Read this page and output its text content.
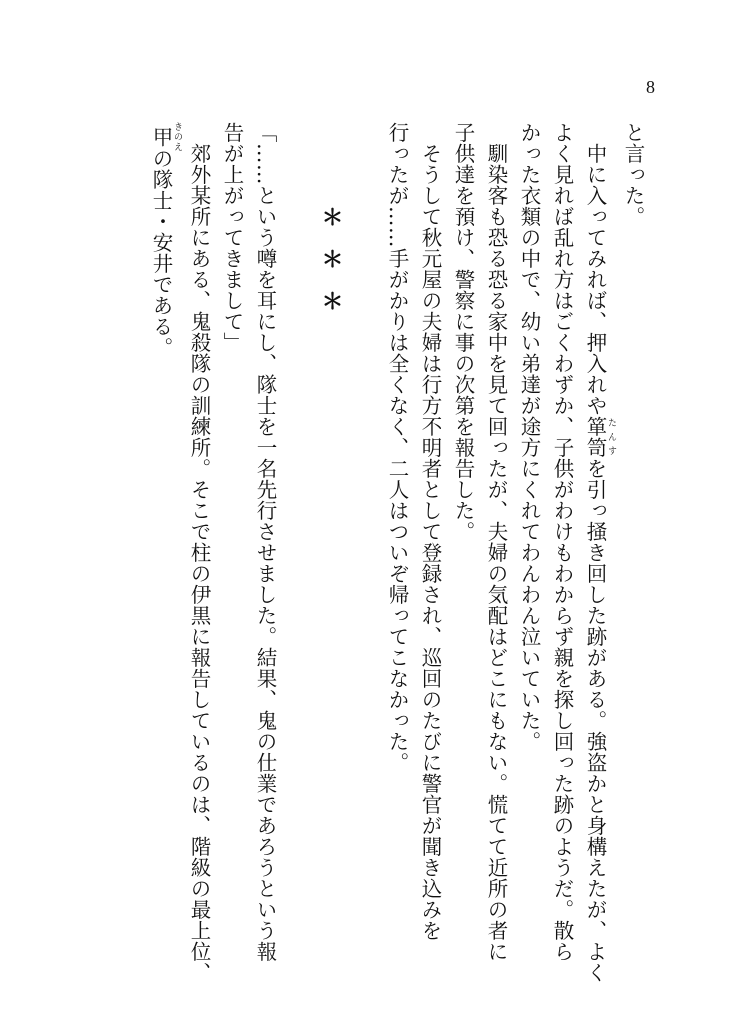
8
と言った。
　中に入ってみれば、押入れや箪笥 たんすを引っ掻き回した跡がある。強盗かと身構えたが、よく
よく見れば乱れ方はごくわずか、子供がわけもわからず親を探し回った跡のようだ。散ら
かった衣類の中で、幼い弟達が途方にくれてわんわん泣いていた。
　馴染客も恐る恐る家中を見て回ったが、夫婦の気配はどこにもない。慌てて近所の者に
子供達を預け、警察に事の次第を報告した。
　そうして秋元屋の夫婦は行方不明者として登録され、巡回のたびに警官が聞き込みを
行ったが……手がかりは全くなく、二人はついぞ帰ってこなかった。
＊＊＊
「……という噂を耳にし、隊士を一名先行させました。結果、鬼の仕業であろうという報
告が上がってきまして」
　郊外某所にある、鬼殺隊の訓練所。そこで柱の伊黒に報告しているのは、階級の最上位、
甲 きのえの隊士・安井である。
